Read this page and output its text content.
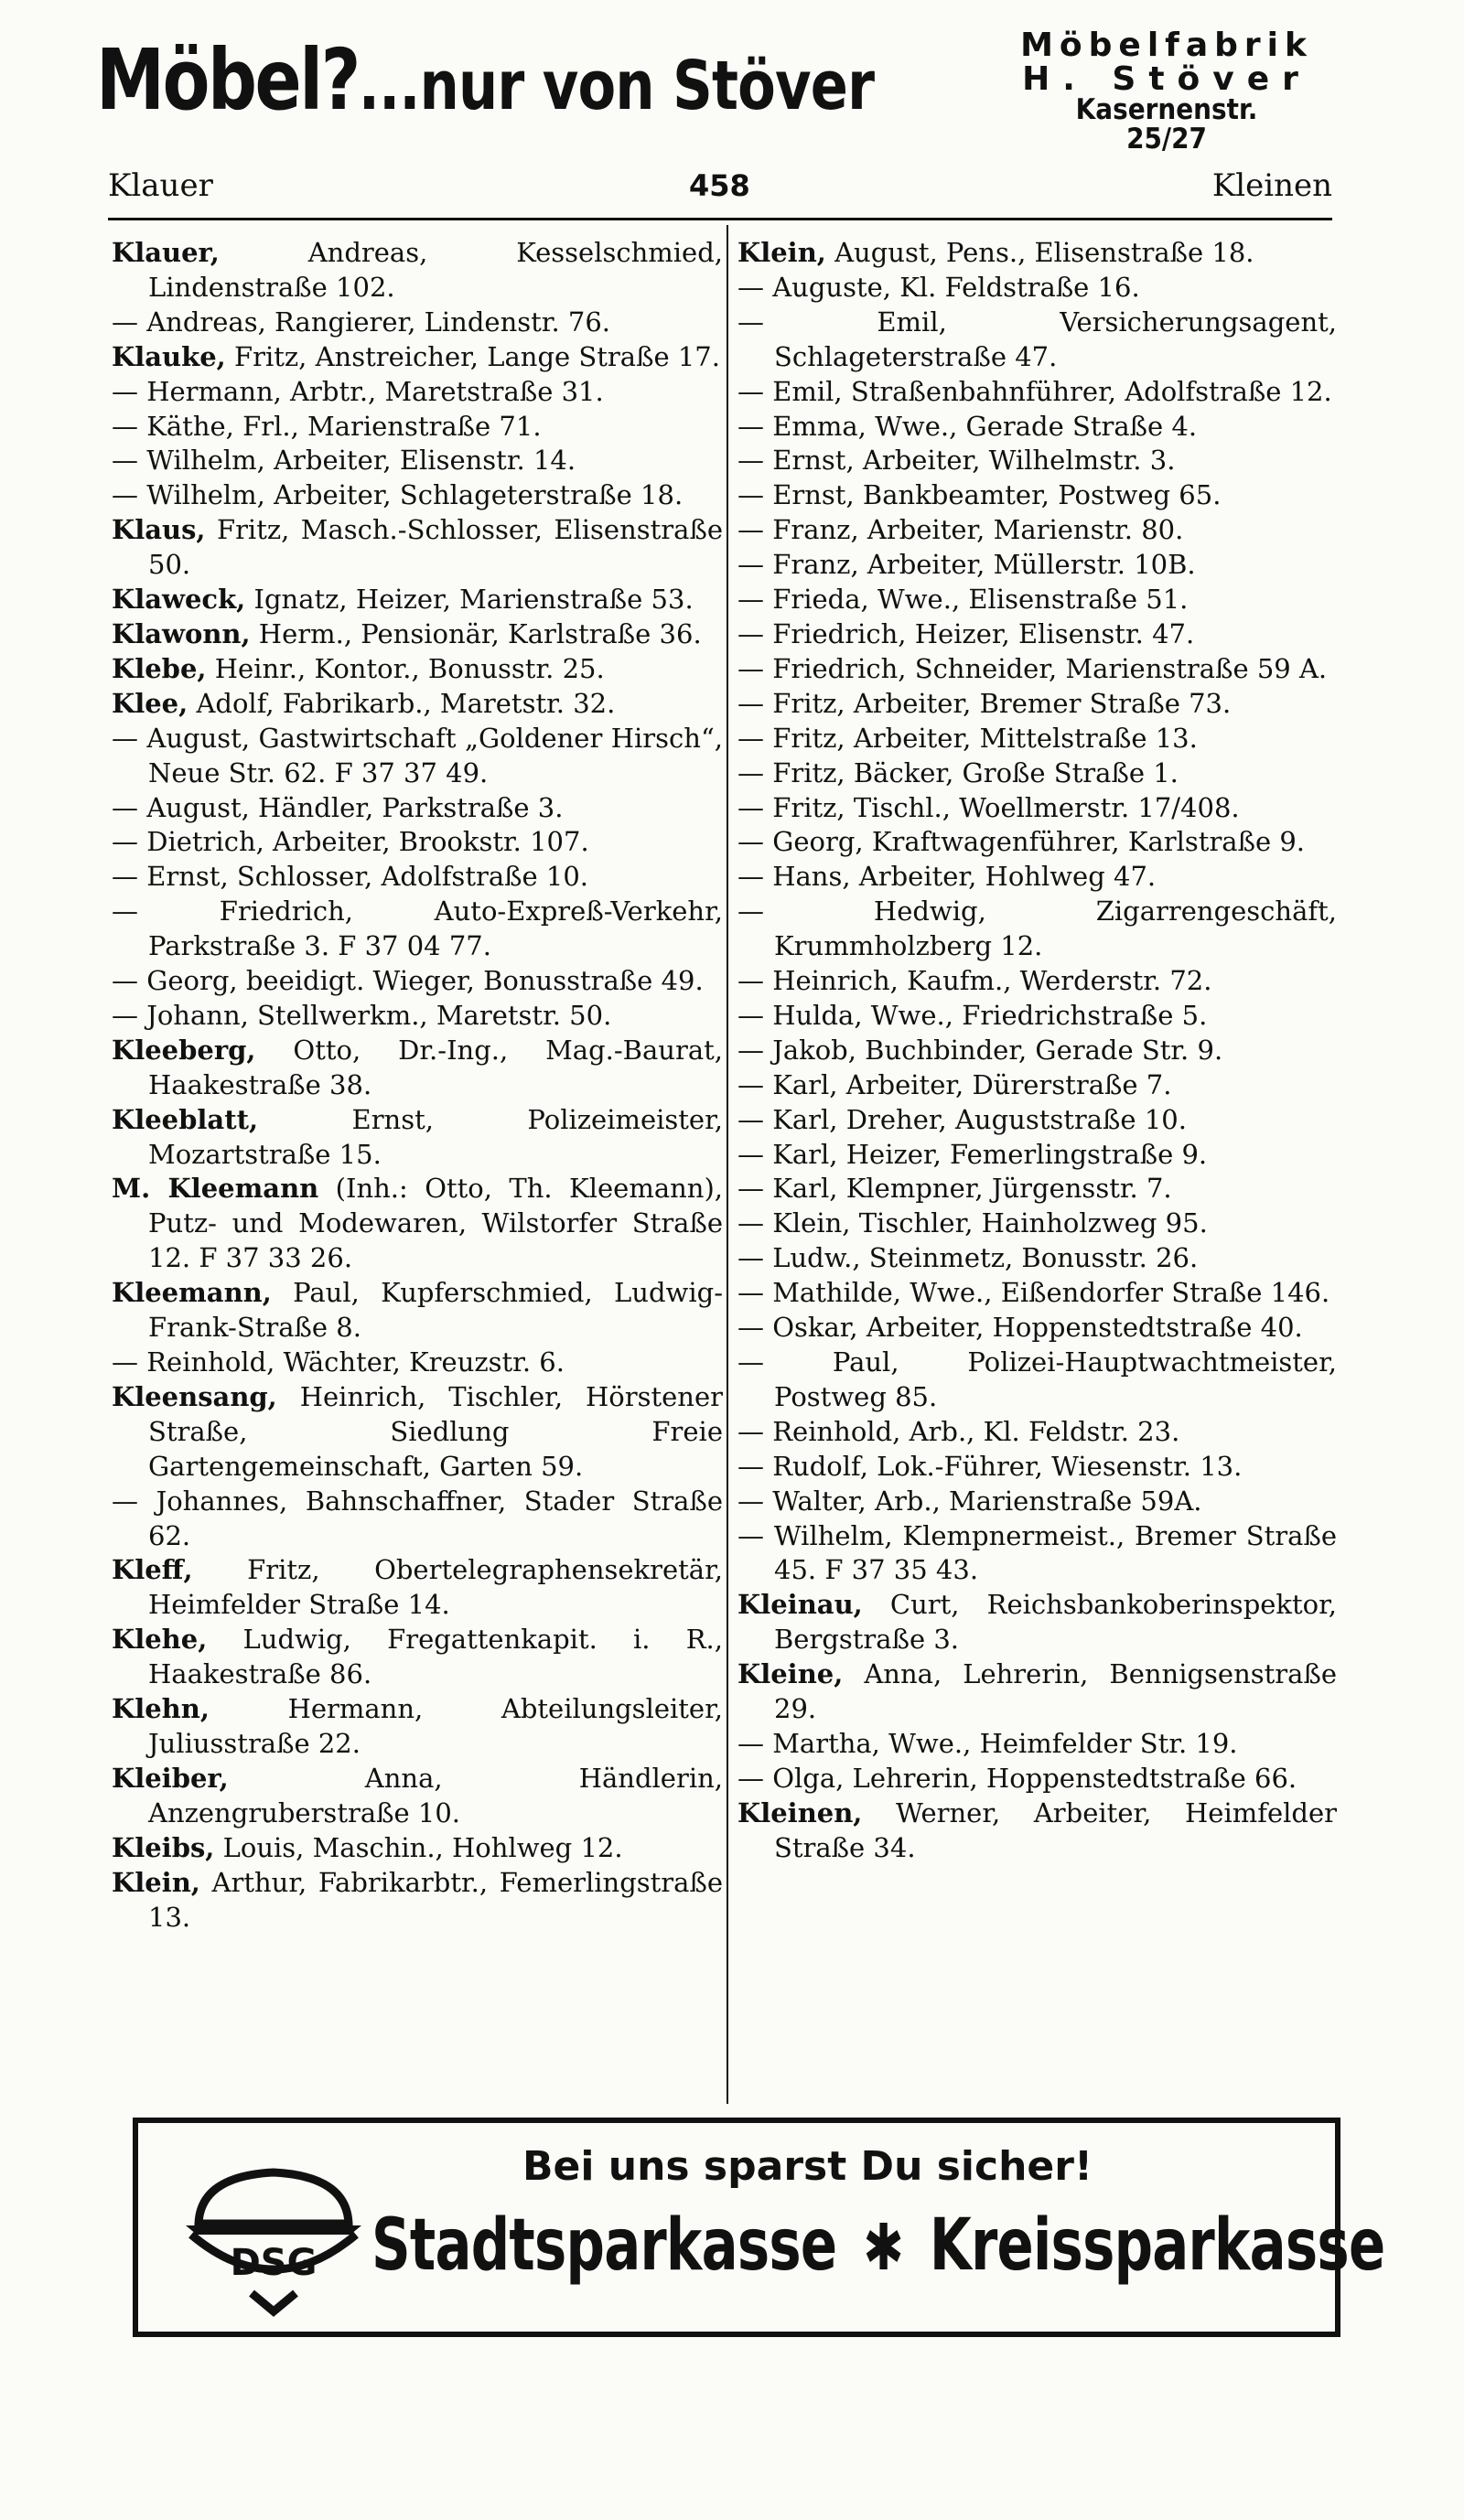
Möbel?...nur von Stöver
Möbelfabrik
H. Stöver
Kasernenstr. 25/27
Klauer	458	Kleinen

Klauer, Andreas, Kesselschmied, Lindenstraße 102.

— Andreas, Rangierer, Lindenstr. 76.

Klauke, Fritz, Anstreicher, Lange Straße 17.

— Hermann, Arbtr., Maretstraße 31.

— Käthe, Frl., Marienstraße 71.

— Wilhelm, Arbeiter, Elisenstr. 14.

— Wilhelm, Arbeiter, Schlageterstraße 18.

Klaus, Fritz, Masch.-Schlosser, Elisenstraße 50.

Klaweck, Ignatz, Heizer, Marienstraße 53.

Klawonn, Herm., Pensionär, Karlstraße 36.

Klebe, Heinr., Kontor., Bonusstr. 25.

Klee, Adolf, Fabrikarb., Maretstr. 32.

— August, Gastwirtschaft „Goldener Hirsch“, Neue Str. 62. F 37 37 49.

— August, Händler, Parkstraße 3.

— Dietrich, Arbeiter, Brookstr. 107.

— Ernst, Schlosser, Adolfstraße 10.

— Friedrich, Auto-Expreß-Verkehr, Parkstraße 3. F 37 04 77.

— Georg, beeidigt. Wieger, Bonusstraße 49.

— Johann, Stellwerkm., Maretstr. 50.

Kleeberg, Otto, Dr.-Ing., Mag.-Baurat, Haakestraße 38.

Kleeblatt, Ernst, Polizeimeister, Mozartstraße 15.

M. Kleemann (Inh.: Otto, Th. Kleemann), Putz- und Modewaren, Wilstorfer Straße 12. F 37 33 26.

Kleemann, Paul, Kupferschmied, Ludwig-Frank-Straße 8.

— Reinhold, Wächter, Kreuzstr. 6.

Kleensang, Heinrich, Tischler, Hörstener Straße, Siedlung Freie Gartengemeinschaft, Garten 59.

— Johannes, Bahnschaffner, Stader Straße 62.

Kleff, Fritz, Obertelegraphensekretär, Heimfelder Straße 14.

Klehe, Ludwig, Fregattenkapit. i. R., Haakestraße 86.

Klehn, Hermann, Abteilungsleiter, Juliusstraße 22.

Kleiber, Anna, Händlerin, Anzengruberstraße 10.

Kleibs, Louis, Maschin., Hohlweg 12.

Klein, Arthur, Fabrikarbtr., Femerlingstraße 13.

Klein, August, Pens., Elisenstraße 18.

— Auguste, Kl. Feldstraße 16.

— Emil, Versicherungsagent, Schlageterstraße 47.

— Emil, Straßenbahnführer, Adolfstraße 12.

— Emma, Wwe., Gerade Straße 4.

— Ernst, Arbeiter, Wilhelmstr. 3.

— Ernst, Bankbeamter, Postweg 65.

— Franz, Arbeiter, Marienstr. 80.

— Franz, Arbeiter, Müllerstr. 10B.

— Frieda, Wwe., Elisenstraße 51.

— Friedrich, Heizer, Elisenstr. 47.

— Friedrich, Schneider, Marienstraße 59 A.

— Fritz, Arbeiter, Bremer Straße 73.

— Fritz, Arbeiter, Mittelstraße 13.

— Fritz, Bäcker, Große Straße 1.

— Fritz, Tischl., Woellmerstr. 17/408.

— Georg, Kraftwagenführer, Karlstraße 9.

— Hans, Arbeiter, Hohlweg 47.

— Hedwig, Zigarrengeschäft, Krummholzberg 12.

— Heinrich, Kaufm., Werderstr. 72.

— Hulda, Wwe., Friedrichstraße 5.

— Jakob, Buchbinder, Gerade Str. 9.

— Karl, Arbeiter, Dürerstraße 7.

— Karl, Dreher, Auguststraße 10.

— Karl, Heizer, Femerlingstraße 9.

— Karl, Klempner, Jürgensstr. 7.

— Klein, Tischler, Hainholzweg 95.

— Ludw., Steinmetz, Bonusstr. 26.

— Mathilde, Wwe., Eißendorfer Straße 146.

— Oskar, Arbeiter, Hoppenstedtstraße 40.

— Paul, Polizei-Hauptwachtmeister, Postweg 85.

— Reinhold, Arb., Kl. Feldstr. 23.

— Rudolf, Lok.-Führer, Wiesenstr. 13.

— Walter, Arb., Marienstraße 59A.

— Wilhelm, Klempnermeist., Bremer Straße 45. F 37 35 43.

Kleinau, Curt, Reichsbankoberinspektor, Bergstraße 3.

Kleine, Anna, Lehrerin, Bennigsenstraße 29.

— Martha, Wwe., Heimfelder Str. 19.

— Olga, Lehrerin, Hoppenstedtstraße 66.

Kleinen, Werner, Arbeiter, Heimfelder Straße 34.

DSG
Bei uns sparst Du sicher!
Stadtsparkasse ✱ Kreissparkasse
